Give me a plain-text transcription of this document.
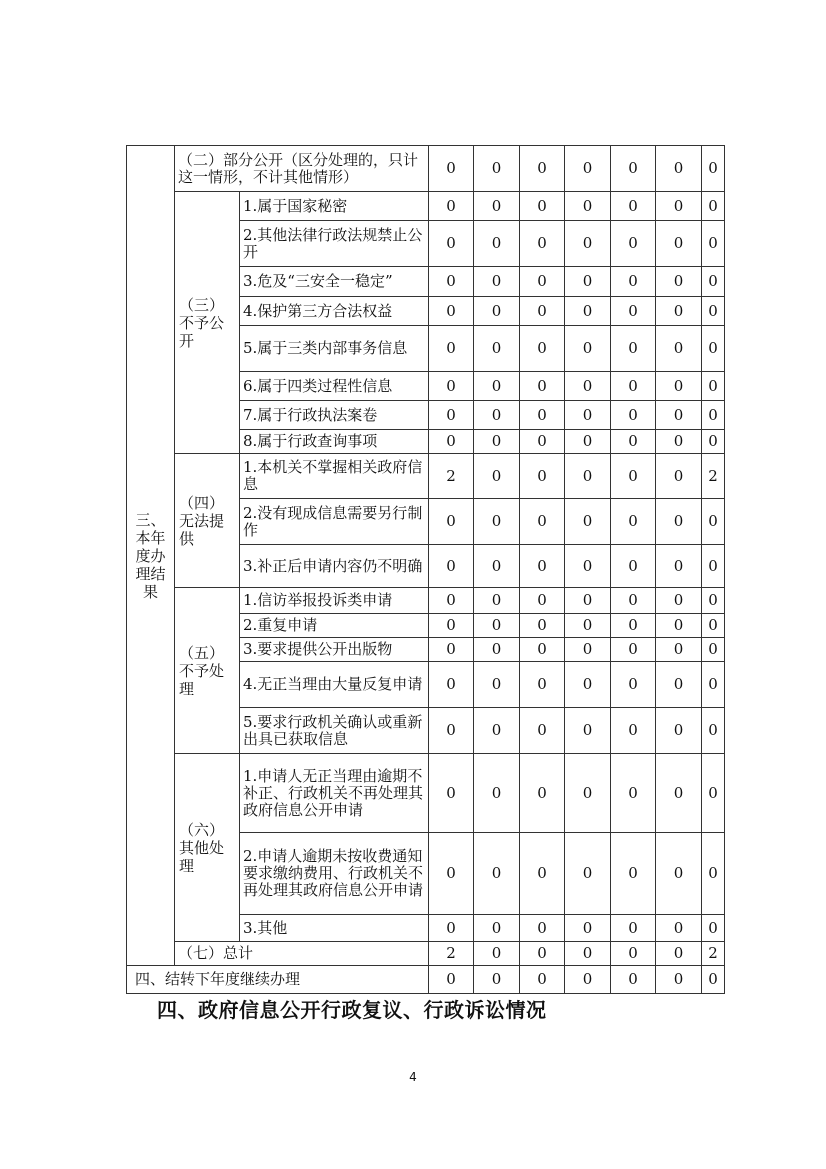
三、本年度办理结果	（二）部分公开（区分处理的，只计这一情形，不计其他情形）		0	0	0	0	0	0	0
	（三）不予公开	1.属于国家秘密	0	0	0	0	0	0	0
		2.其他法律行政法规禁止公开	0	0	0	0	0	0	0
		3.危及“三安全一稳定”	0	0	0	0	0	0	0
		4.保护第三方合法权益	0	0	0	0	0	0	0
		5.属于三类内部事务信息	0	0	0	0	0	0	0
		6.属于四类过程性信息	0	0	0	0	0	0	0
		7.属于行政执法案卷	0	0	0	0	0	0	0
		8.属于行政查询事项	0	0	0	0	0	0	0
	（四）无法提供	1.本机关不掌握相关政府信息	2	0	0	0	0	0	2
		2.没有现成信息需要另行制作	0	0	0	0	0	0	0
		3.补正后申请内容仍不明确	0	0	0	0	0	0	0
	（五）不予处理	1.信访举报投诉类申请	0	0	0	0	0	0	0
		2.重复申请	0	0	0	0	0	0	0
		3.要求提供公开出版物	0	0	0	0	0	0	0
		4.无正当理由大量反复申请	0	0	0	0	0	0	0
		5.要求行政机关确认或重新出具已获取信息	0	0	0	0	0	0	0
	（六）其他处理	1.申请人无正当理由逾期不补正、行政机关不再处理其政府信息公开申请	0	0	0	0	0	0	0
		2.申请人逾期未按收费通知要求缴纳费用、行政机关不再处理其政府信息公开申请	0	0	0	0	0	0	0
		3.其他	0	0	0	0	0	0	0
	（七）总计		2	0	0	0	0	0	2
四、结转下年度继续办理			0	0	0	0	0	0	0
四、政府信息公开行政复议、行政诉讼情况
4
